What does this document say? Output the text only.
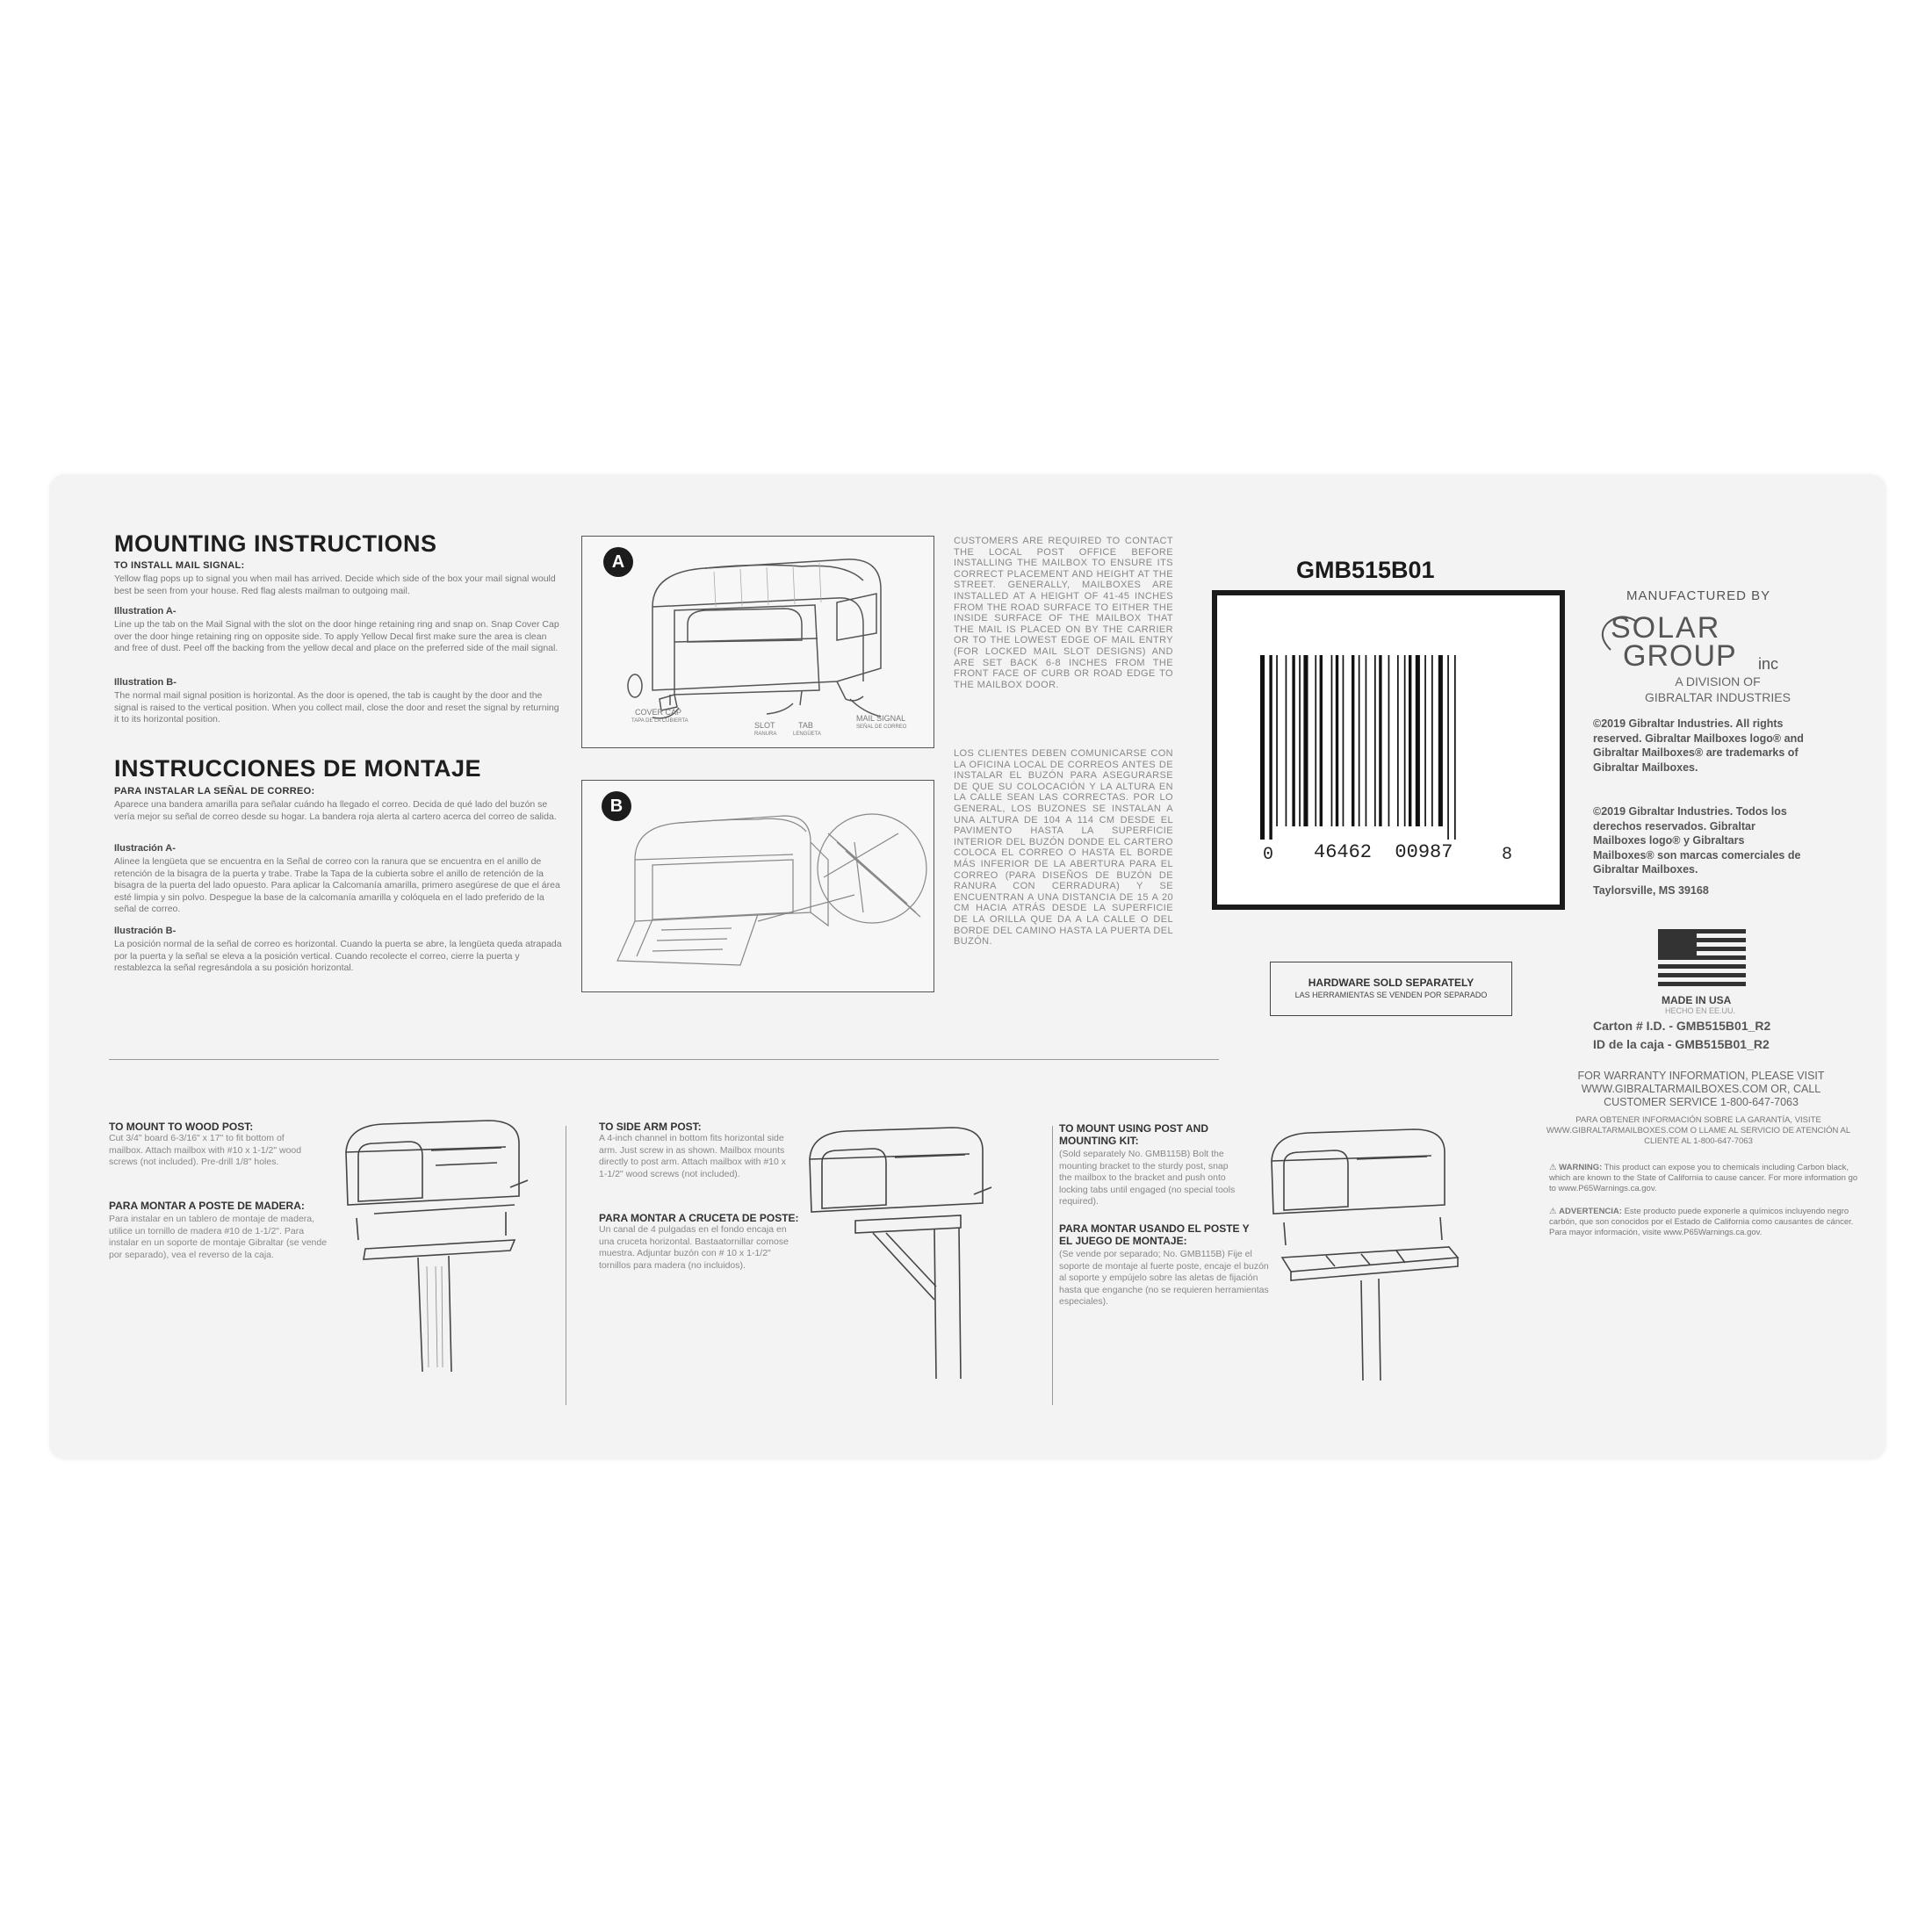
MOUNTING INSTRUCTIONS
TO INSTALL MAIL SIGNAL:
Yellow flag pops up to signal you when mail has arrived. Decide which side of the box your mail signal would best be seen from your house. Red flag alests mailman to outgoing mail.
Illustration A-
Line up the tab on the Mail Signal with the slot on the door hinge retaining ring and snap on. Snap Cover Cap over the door hinge retaining ring on opposite side. To apply Yellow Decal first make sure the area is clean and free of dust. Peel off the backing from the yellow decal and place on the preferred side of the mail signal.
Illustration B-
The normal mail signal position is horizontal. As the door is opened, the tab is caught by the door and the signal is raised to the vertical position. When you collect mail, close the door and reset the signal by returning it to its horizontal position.
INSTRUCCIONES DE MONTAJE
PARA INSTALAR LA SEÑAL DE CORREO:
Aparece una bandera amarilla para señalar cuándo ha llegado el correo. Decida de qué lado del buzón se vería mejor su señal de correo desde su hogar. La bandera roja alerta al cartero acerca del correo de salida.
Ilustración A-
Alinee la lengüeta que se encuentra en la Señal de correo con la ranura que se encuentra en el anillo de retención de la bisagra de la puerta y trabe. Trabe la Tapa de la cubierta sobre el anillo de retención de la bisagra de la puerta del lado opuesto. Para aplicar la Calcomanía amarilla, primero asegúrese de que el área esté limpia y sin polvo. Despegue la base de la calcomanía amarilla y colóquela en el lado preferido de la señal de correo.
Ilustración B-
La posición normal de la señal de correo es horizontal. Cuando la puerta se abre, la lengüeta queda atrapada por la puerta y la señal se eleva a la posición vertical. Cuando recolecte el correo, cierre la puerta y restablezca la señal regresándola a su posición horizontal.
A
COVER CAP
TAPA DE LA CUBIERTA	SLOT
RANURA
TAB
LENGÜETA
MAIL SIGNAL
SEÑAL DE CORREO
B
CUSTOMERS ARE REQUIRED TO CONTACT THE LOCAL POST OFFICE BEFORE INSTALLING THE MAILBOX TO ENSURE ITS CORRECT PLACEMENT AND HEIGHT AT THE STREET. GENERALLY, MAILBOXES ARE INSTALLED AT A HEIGHT OF 41-45 INCHES FROM THE ROAD SURFACE TO EITHER THE INSIDE SURFACE OF THE MAILBOX THAT THE MAIL IS PLACED ON BY THE CARRIER OR TO THE LOWEST EDGE OF MAIL ENTRY (FOR LOCKED MAIL SLOT DESIGNS) AND ARE SET BACK 6-8 INCHES FROM THE FRONT FACE OF CURB OR ROAD EDGE TO THE MAILBOX DOOR.
LOS CLIENTES DEBEN COMUNICARSE CON LA OFICINA LOCAL DE CORREOS ANTES DE INSTALAR EL BUZÓN PARA ASEGURARSE DE QUE SU COLOCACIÓN Y LA ALTURA EN LA CALLE SEAN LAS CORRECTAS. POR LO GENERAL, LOS BUZONES SE INSTALAN A UNA ALTURA DE 104 A 114 CM DESDE EL PAVIMENTO HASTA LA SUPERFICIE INTERIOR DEL BUZÓN DONDE EL CARTERO COLOCA EL CORREO O HASTA EL BORDE MÁS INFERIOR DE LA ABERTURA PARA EL CORREO (PARA DISEÑOS DE BUZÓN DE RANURA CON CERRADURA) Y SE ENCUENTRAN A UNA DISTANCIA DE 15 A 20 CM HACIA ATRÁS DESDE LA SUPERFICIE DE LA ORILLA QUE DA A LA CALLE O DEL BORDE DEL CAMINO HASTA LA PUERTA DEL BUZÓN.
GMB515B01
0 46462  00987	8
HARDWARE SOLD SEPARATELY
LAS HERRAMIENTAS SE VENDEN POR SEPARADO
MANUFACTURED BY
SOLAR
GROUP inc
A DIVISION OF
GIBRALTAR INDUSTRIES
©2019 Gibraltar Industries. All rights reserved. Gibraltar Mailboxes logo® and Gibraltar Mailboxes® are trademarks of Gibraltar Mailboxes.
©2019 Gibraltar Industries. Todos los derechos reservados. Gibraltar Mailboxes logo® y Gibraltars Mailboxes® son marcas comerciales de Gibraltar Mailboxes.
Taylorsville, MS 39168
MADE IN USA
HECHO EN EE.UU.
Carton # I.D. - GMB515B01_R2
ID de la caja - GMB515B01_R2
FOR WARRANTY INFORMATION, PLEASE VISIT WWW.GIBRALTARMAILBOXES.COM OR, CALL CUSTOMER SERVICE 1-800-647-7063
PARA OBTENER INFORMACIÓN SOBRE LA GARANTÍA, VISITE WWW.GIBRALTARMAILBOXES.COM O LLAME AL SERVICIO DE ATENCIÓN AL CLIENTE AL 1-800-647-7063
⚠ WARNING: This product can expose you to chemicals including Carbon black, which are known to the State of California to cause cancer. For more information go to www.P65Warnings.ca.gov.
⚠ ADVERTENCIA: Este producto puede exponerle a químicos incluyendo negro carbón, que son conocidos por el Estado de California como causantes de cáncer. Para mayor información, visite www.P65Warnings.ca.gov.
TO MOUNT TO WOOD POST:
Cut 3/4" board 6-3/16" x 17" to fit bottom of mailbox. Attach mailbox with #10 x 1-1/2" wood screws (not included). Pre-drill 1/8" holes.
PARA MONTAR A POSTE DE MADERA:
Para instalar en un tablero de montaje de madera, utilice un tornillo de madera #10 de 1-1/2". Para instalar en un soporte de montaje Gibraltar (se vende por separado), vea el reverso de la caja.
TO SIDE ARM POST:
A 4-inch channel in bottom fits horizontal side arm. Just screw in as shown. Mailbox mounts directly to post arm. Attach mailbox with #10 x 1-1/2" wood screws (not included).
PARA MONTAR A CRUCETA DE POSTE:
Un canal de 4 pulgadas en el fondo encaja en una cruceta horizontal. Bastaatornillar comose muestra. Adjuntar buzón con # 10 x 1-1/2" tornillos para madera (no incluidos).
TO MOUNT USING POST AND MOUNTING KIT:
(Sold separately No. GMB115B) Bolt the mounting bracket to the sturdy post, snap the mailbox to the bracket and push onto locking tabs until engaged (no special tools required).
PARA MONTAR USANDO EL POSTE Y EL JUEGO DE MONTAJE:
(Se vende por separado; No. GMB115B) Fije el soporte de montaje al fuerte poste, encaje el buzón al soporte y empújelo sobre las aletas de fijación hasta que enganche (no se requieren herramientas especiales).
